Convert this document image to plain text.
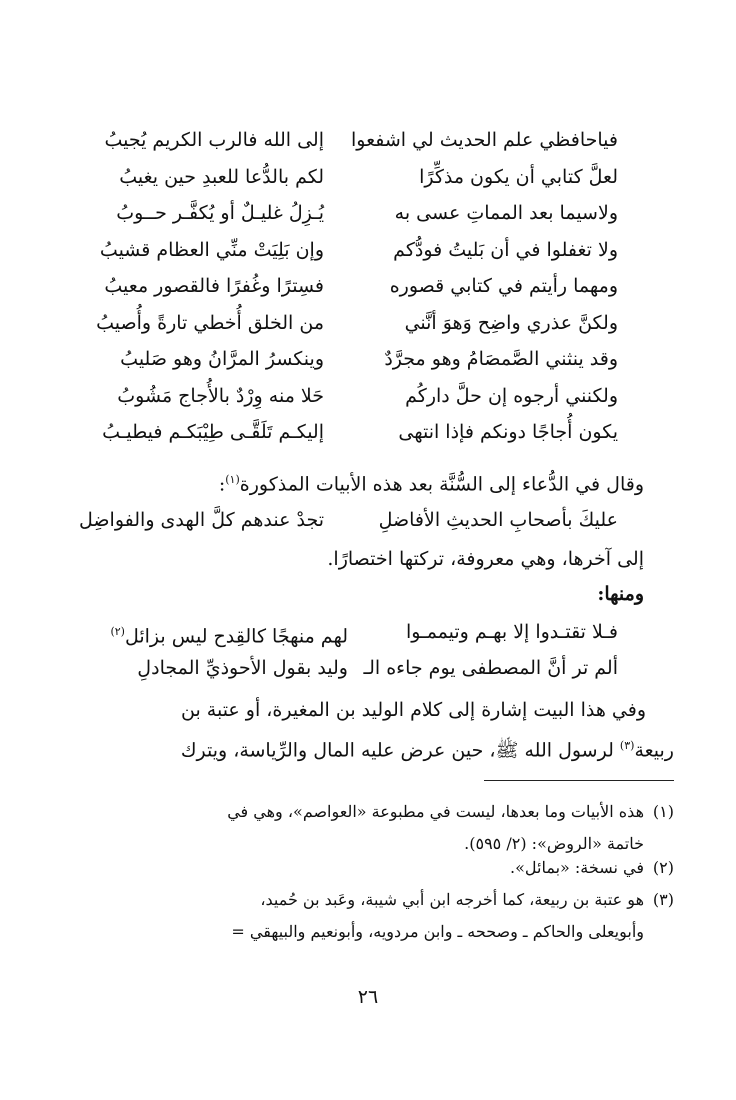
فياحافظي علم الحديث لي اشفعوا
إلى الله فالرب الكريم يُجيبُ
لعلَّ كتابي أن يكون مذكِّرًا
لكم بالدُّعا للعبدِ حين يغيبُ
ولاسيما بعد المماتِ عسى به
يُـزِلُ غليـلٌ أو يُكفَّـر حــوبُ
ولا تغفلوا في أن بَليتُ فودُّكم
وإن بَلِيَتْ منِّي العظام قشيبُ
ومهما رأيتم في كتابي قصوره
فسِترًا وغُفرًا فالقصور معيبُ
ولكنَّ عذري واضِح وَهوَ أنَّني
من الخلق أُخطي تارةً وأُصيبُ
وقد ينثني الصَّمصَامُ وهو مجرَّدٌ
وينكسرُ المرَّانُ وهو صَليبُ
ولكنني أرجوه إن حلَّ داركُم
حَلا منه وِرْدٌ بالأُجاج مَشُوبُ
يكون أُجاجًا دونكم فإذا انتهى
إليكـم تَلَقَّـى طِيْبَكـم فيطيـبُ
وقال في الدُّعاء إلى السُّنَّة بعد هذه الأبيات المذكورة$^{(١)}$:
عليكَ بأصحابِ الحديثِ الأفاضلِ
تجدْ عندهم كلَّ الهدى والفواضِل
إلى آخرها، وهي معروفة، تركتها اختصارًا.
ومنها:
فـلا تقتـدوا إلا بهـم وتيممـوا
لهم منهجًا كالقِدح ليس بزائل$^{(٢)}$
ألم تر أنَّ المصطفى يوم جاءه الـ
وليد بقول الأحوذيِّ المجادلِ
وفي هذا البيت إشارة إلى كلام الوليد بن المغيرة، أو عتبة بن
ربيعة$^{(٣)}$ لرسول الله ﷺ، حين عرض عليه المال والرِّياسة، ويترك
(١)هذه الأبيات وما بعدها، ليست في مطبوعة «العواصم»، وهي في
خاتمة «الروض»: (٢/ ٥٩٥).
(٢)في نسخة: «بمائل».
(٣)هو عتبة بن ربيعة، كما أخرجه ابن أبي شيبة، وعَبد بن حُميد،
وأبويعلى والحاكم ـ وصححه ـ وابن مردويه، وأبونعيم والبيهقي =
٢٦
